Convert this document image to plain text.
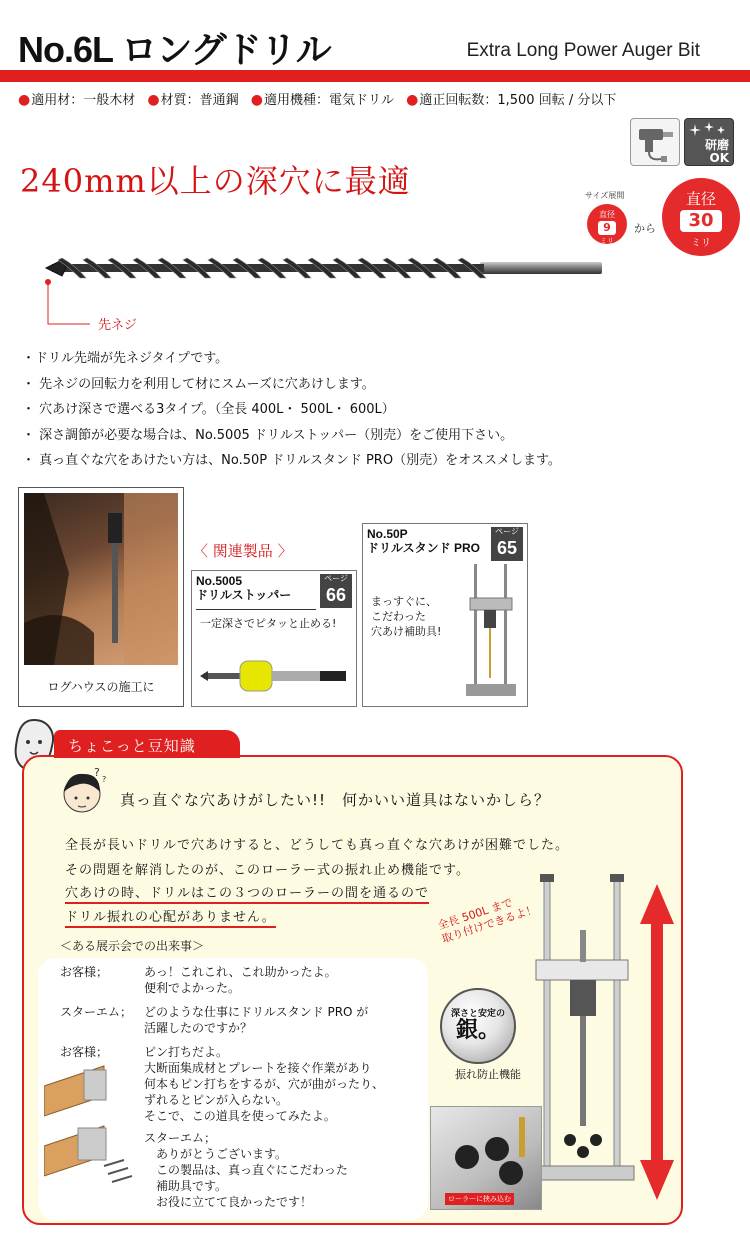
No.6L ロングドリル	Extra Long Power Auger Bit
●適用材：一般木材 ●材質：普通鋼 ●適用機種：電気ドリル ●適正回転数：1,500 回転 / 分以下
研磨
OK
240mm以上の深穴に最適	サイズ展開
直径
9
ミリ
から
直径
30
ミリ
先ネジ
・ドリル先端が先ネジタイプです。
・ 先ネジの回転力を利用して材にスムーズに穴あけします。
・ 穴あけ深さで選べる3タイプ。（全長 400L・ 500L・ 600L）
・ 深さ調節が必要な場合は、No.5005 ドリルストッパー（別売）をご使用下さい。
・ 真っ直ぐな穴をあけたい方は、No.50P ドリルスタンド PRO（別売）をオススメします。
ログハウスの施工に
〈 関連製品 〉
No.5005
ドリルストッパー
ページ
66
一定深さでピタッと止める!
No.50P
ドリルスタンド PRO
ページ
65
まっすぐに、
こだわった
穴あけ補助具!
ちょこっと豆知識
?
?
真っ直ぐな穴あけがしたい!!　何かいい道具はないかしら？
全長が長いドリルで穴あけすると、どうしても真っ直ぐな穴あけが困難でした。
その問題を解消したのが、このローラー式の振れ止め機能です。
穴あけの時、ドリルはこの３つのローラーの間を通るので
ドリル振れの心配がありません。
＜ある展示会での出来事＞
お客様；	あっ！これこれ、これ助かったよ。
便利でよかった。
スターエム； どのような仕事にドリルスタンド PRO が
活躍したのですか？
お客様；	ピン打ちだよ。
大断面集成材とプレートを接ぐ作業があり
何本もピン打ちをするが、穴が曲がったり、
ずれるとピンが入らない。
そこで、この道具を使ってみたよ。
スターエム；
　ありがとうございます。
　この製品は、真っ直ぐにこだわった
　補助具です。
　お役に立てて良かったです！
全長 500L まで
取り付けできるよ！
深さと安定の
銀。
振れ防止機能
ローラーに挟み込む
